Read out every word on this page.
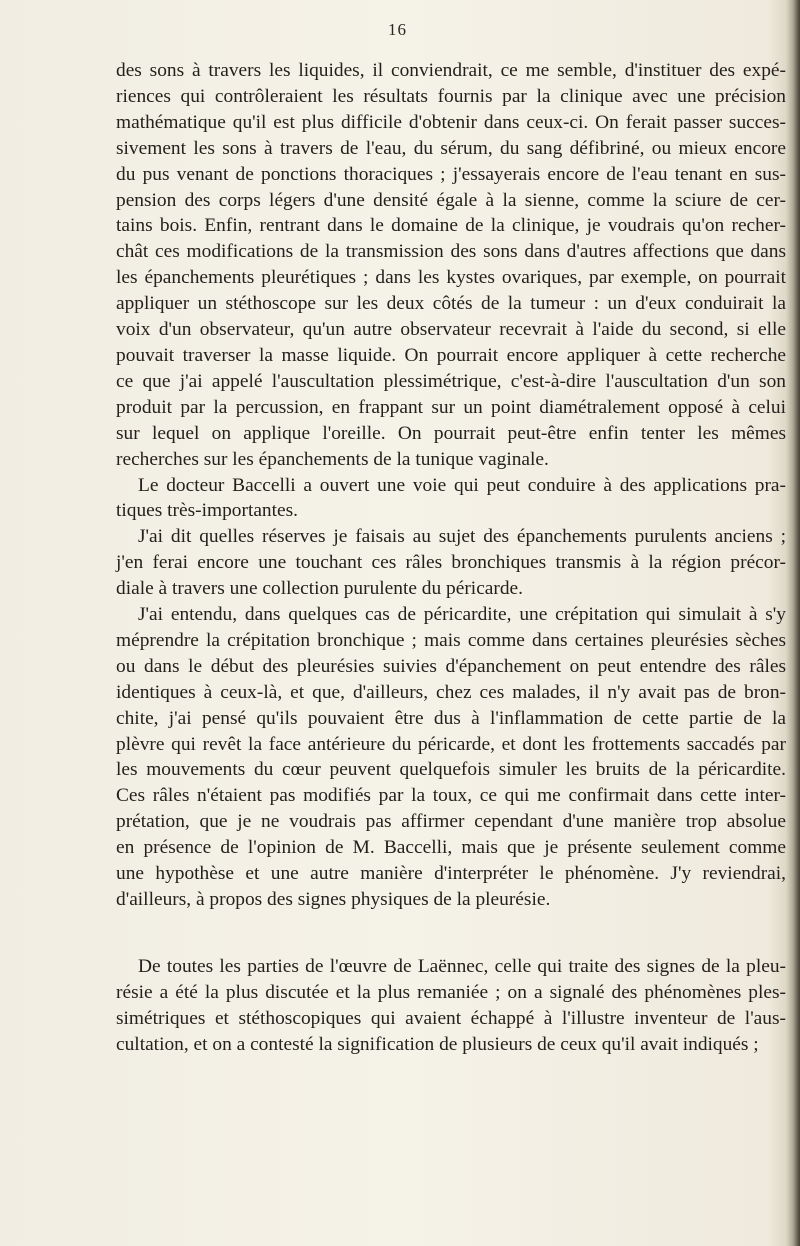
16

des sons à travers les liquides, il conviendrait, ce me semble, d'instituer des expé-
riences qui contrôleraient les résultats fournis par la clinique avec une précision
mathématique qu'il est plus difficile d'obtenir dans ceux-ci. On ferait passer succes-
sivement les sons à travers de l'eau, du sérum, du sang défibriné, ou mieux encore
du pus venant de ponctions thoraciques ; j'essayerais encore de l'eau tenant en sus-
pension des corps légers d'une densité égale à la sienne, comme la sciure de cer-
tains bois. Enfin, rentrant dans le domaine de la clinique, je voudrais qu'on recher-
chât ces modifications de la transmission des sons dans d'autres affections que dans
les épanchements pleurétiques ; dans les kystes ovariques, par exemple, on pourrait
appliquer un stéthoscope sur les deux côtés de la tumeur : un d'eux conduirait la
voix d'un observateur, qu'un autre observateur recevrait à l'aide du second, si elle
pouvait traverser la masse liquide. On pourrait encore appliquer à cette recherche
ce que j'ai appelé l'auscultation plessimétrique, c'est-à-dire l'auscultation d'un son
produit par la percussion, en frappant sur un point diamétralement opposé à celui
sur lequel on applique l'oreille. On pourrait peut-être enfin tenter les mêmes
recherches sur les épanchements de la tunique vaginale.

Le docteur Baccelli a ouvert une voie qui peut conduire à des applications pra-
tiques très-importantes.

J'ai dit quelles réserves je faisais au sujet des épanchements purulents anciens ;
j'en ferai encore une touchant ces râles bronchiques transmis à la région précor-
diale à travers une collection purulente du péricarde.

J'ai entendu, dans quelques cas de péricardite, une crépitation qui simulait à s'y
méprendre la crépitation bronchique ; mais comme dans certaines pleurésies sèches
ou dans le début des pleurésies suivies d'épanchement on peut entendre des râles
identiques à ceux-là, et que, d'ailleurs, chez ces malades, il n'y avait pas de bron-
chite, j'ai pensé qu'ils pouvaient être dus à l'inflammation de cette partie de la
plèvre qui revêt la face antérieure du péricarde, et dont les frottements saccadés par
les mouvements du cœur peuvent quelquefois simuler les bruits de la péricardite.
Ces râles n'étaient pas modifiés par la toux, ce qui me confirmait dans cette inter-
prétation, que je ne voudrais pas affirmer cependant d'une manière trop absolue
en présence de l'opinion de M. Baccelli, mais que je présente seulement comme
une hypothèse et une autre manière d'interpréter le phénomène. J'y reviendrai,
d'ailleurs, à propos des signes physiques de la pleurésie.

De toutes les parties de l'œuvre de Laënnec, celle qui traite des signes de la pleu-
résie a été la plus discutée et la plus remaniée ; on a signalé des phénomènes ples-
simétriques et stéthoscopiques qui avaient échappé à l'illustre inventeur de l'aus-
cultation, et on a contesté la signification de plusieurs de ceux qu'il avait indiqués ;
